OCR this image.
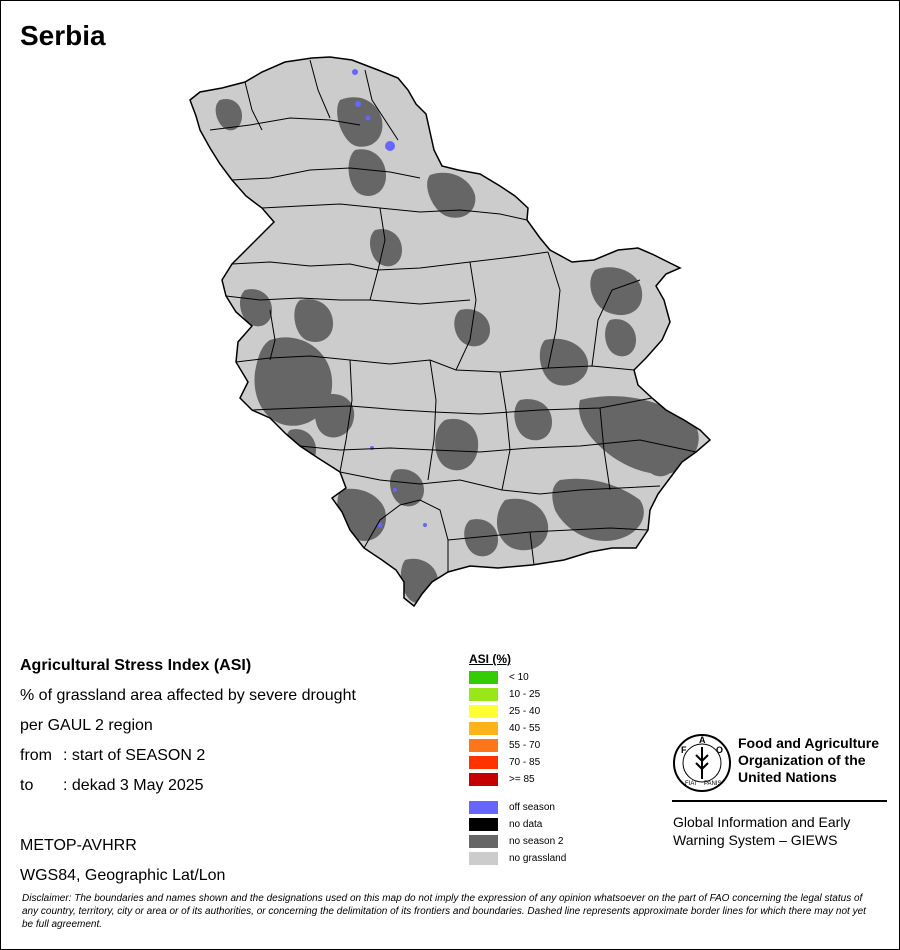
Serbia
Agricultural Stress Index (ASI)
% of grassland area affected by severe drought
per GAUL 2 region
from : start of SEASON 2
to : dekad 3 May 2025
METOP-AVHRR
WGS84, Geographic Lat/Lon
ASI (%)
< 10
10 - 25
25 - 40
40 - 55
55 - 70
70 - 85
>= 85
off season
no data
no season 2
no grassland
F
A
O
FIAT PANIS
Food and Agriculture
Organization of the
United Nations
Global Information and Early
Warning System – GIEWS
Disclaimer: The boundaries and names shown and the designations used on this map do not imply the expression of any opinion whatsoever on the part of FAO concerning the legal status of any country, territory, city or area or of its authorities, or concerning the delimitation of its frontiers and boundaries. Dashed line represents approximate border lines for which there may not yet be full agreement.
